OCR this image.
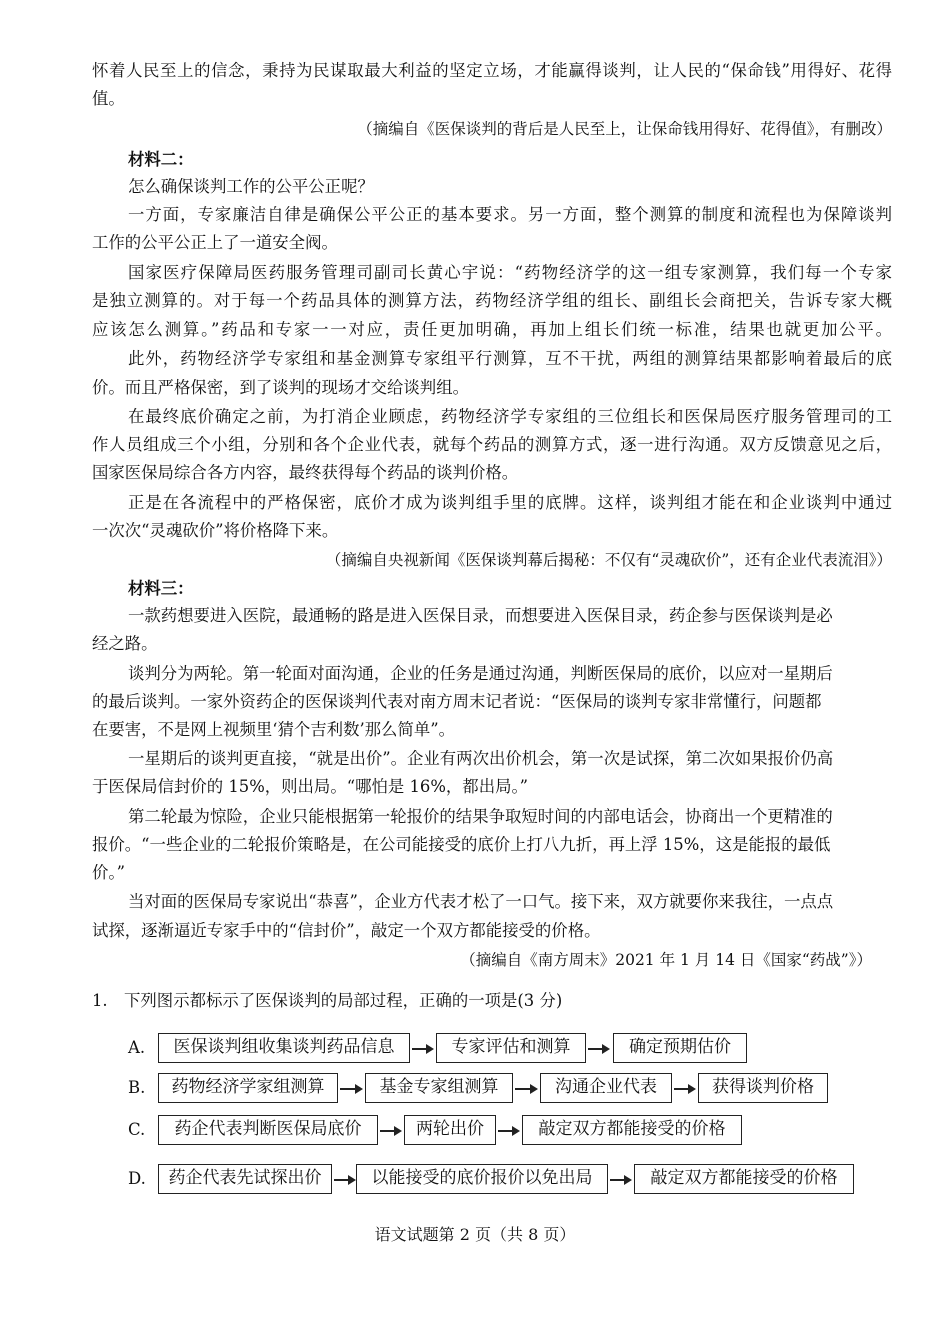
怀着人民至上的信念，秉持为民谋取最大利益的坚定立场，才能赢得谈判，让人民的“保命钱”用得好、花得
值。
（摘编自《医保谈判的背后是人民至上，让保命钱用得好、花得值》，有删改）
材料二：
怎么确保谈判工作的公平公正呢？
一方面，专家廉洁自律是确保公平公正的基本要求。另一方面，整个测算的制度和流程也为保障谈判
工作的公平公正上了一道安全阀。
国家医疗保障局医药服务管理司副司长黄心宇说：“药物经济学的这一组专家测算，我们每一个专家
是独立测算的。对于每一个药品具体的测算方法，药物经济学组的组长、副组长会商把关，告诉专家大概
应该怎么测算。”药品和专家一一对应，责任更加明确，再加上组长们统一标准，结果也就更加公平。
此外，药物经济学专家组和基金测算专家组平行测算，互不干扰，两组的测算结果都影响着最后的底
价。而且严格保密，到了谈判的现场才交给谈判组。
在最终底价确定之前，为打消企业顾虑，药物经济学专家组的三位组长和医保局医疗服务管理司的工
作人员组成三个小组，分别和各个企业代表，就每个药品的测算方式，逐一进行沟通。双方反馈意见之后，
国家医保局综合各方内容，最终获得每个药品的谈判价格。
正是在各流程中的严格保密，底价才成为谈判组手里的底牌。这样，谈判组才能在和企业谈判中通过
一次次“灵魂砍价”将价格降下来。
（摘编自央视新闻《医保谈判幕后揭秘：不仅有“灵魂砍价”，还有企业代表流泪》）
材料三：
一款药想要进入医院，最通畅的路是进入医保目录，而想要进入医保目录，药企参与医保谈判是必
经之路。
谈判分为两轮。第一轮面对面沟通，企业的任务是通过沟通，判断医保局的底价，以应对一星期后
的最后谈判。一家外资药企的医保谈判代表对南方周末记者说：“医保局的谈判专家非常懂行，问题都
在要害，不是网上视频里‘猜个吉利数’那么简单”。
一星期后的谈判更直接，“就是出价”。企业有两次出价机会，第一次是试探，第二次如果报价仍高
于医保局信封价的 15%，则出局。“哪怕是 16%，都出局。”
第二轮最为惊险，企业只能根据第一轮报价的结果争取短时间的内部电话会，协商出一个更精准的
报价。“一些企业的二轮报价策略是，在公司能接受的底价上打八九折，再上浮 15%，这是能报的最低
价。”
当对面的医保局专家说出“恭喜”，企业方代表才松了一口气。接下来，双方就要你来我往，一点点
试探，逐渐逼近专家手中的“信封价”，敲定一个双方都能接受的价格。
（摘编自《南方周末》2021 年 1 月 14 日《国家“药战”》）
1.　下列图示都标示了医保谈判的局部过程，正确的一项是(3 分)
A.	医保谈判组收集谈判药品信息	专家评估和测算	确定预期估价
B.	药物经济学家组测算	基金专家组测算	沟通企业代表	获得谈判价格
C.	药企代表判断医保局底价	两轮出价	敲定双方都能接受的价格
D.	药企代表先试探出价	以能接受的底价报价以免出局	敲定双方都能接受的价格
语文试题第 2 页（共 8 页）
